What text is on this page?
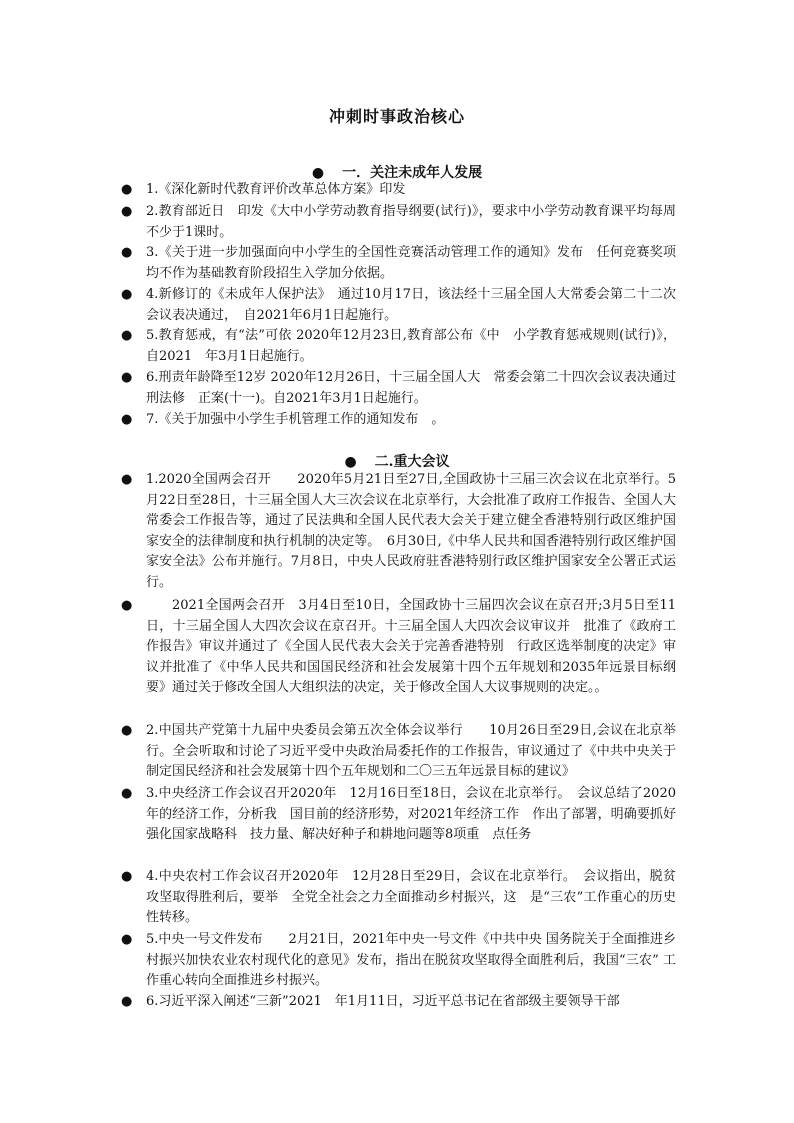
冲刺时事政治核心
● 一．关注未成年人发展
● 1.《深化新时代教育评价改革总体方案》印发
● 2.教育部近日　印发《大中小学劳动教育指导纲要(试行)》，要求中小学劳动教育课平均每周不少于1课时。
● 3.《关于进一步加强面向中小学生的全国性竞赛活动管理工作的通知》发布　任何竞赛奖项均不作为基础教育阶段招生入学加分依据。
● 4.新修订的《未成年人保护法》　通过10月17日，该法经十三届全国人大常委会第二十二次会议表决通过，　自2021年6月1日起施行。
● 5.教育惩戒，有“法”可依 2020年12月23日,教育部公布《中　小学教育惩戒规则(试行)》，自2021　年3月1日起施行。
● 6.刑责年龄降至12岁 2020年12月26日，十三届全国人大　常委会第二十四次会议表决通过刑法修　正案(十一)。自2021年3月1日起施行。
● 7.《关于加强中小学生手机管理工作的通知发布　。
● 二.重大会议
● 1.2020全国两会召开　　2020年5月21日至27日,全国政协十三届三次会议在北京举行。5月22日至28日，十三届全国人大三次会议在北京举行，大会批准了政府工作报告、全国人大常委会工作报告等，通过了民法典和全国人民代表大会关于建立健全香港特别行政区维护国家安全的法律制度和执行机制的决定等。　6月30日,《中华人民共和国香港特别行政区维护国家安全法》公布并施行。7月8日，中央人民政府驻香港特别行政区维护国家安全公署正式运行。
●	2021全国两会召开　3月4日至10日，全国政协十三届四次会议在京召开;3月5日至11日，十三届全国人大四次会议在京召开。十三届全国人大四次会议审议并　批准了《政府工作报告》审议并通过了《全国人民代表大会关于完善香港特别　行政区选举制度的决定》审议并批准了《中华人民共和国国民经济和社会发展第十四个五年规划和2035年远景目标纲要》通过关于修改全国人大组织法的决定，关于修改全国人大议事规则的决定。。
● 2.中国共产党第十九届中央委员会第五次全体会议举行　　10月26日至29日,会议在北京举行。全会听取和讨论了习近平受中央政治局委托作的工作报告，审议通过了《中共中央关于制定国民经济和社会发展第十四个五年规划和二〇三五年远景目标的建议》
● 3.中央经济工作会议召开2020年　12月16日至18日，会议在北京举行。　会议总结了2020年的经济工作，分析我　国目前的经济形势，对2021年经济工作　作出了部署，明确要抓好强化国家战略科　技力量、解决好种子和耕地问题等8项重　点任务
● 4.中央农村工作会议召开2020年　12月28日至29日，会议在北京举行。　会议指出，脱贫攻坚取得胜利后，要举　全党全社会之力全面推动乡村振兴，这　是“三农”工作重心的历史性转移。
● 5.中央一号文件发布　　2月21日，2021年中央一号文件《中共中央 国务院关于全面推进乡村振兴加快农业农村现代化的意见》发布，指出在脱贫攻坚取得全面胜利后，我国“三农” 工作重心转向全面推进乡村振兴。
● 6.习近平深入阐述“三新”2021　年1月11日，习近平总书记在省部级主要领导干部
